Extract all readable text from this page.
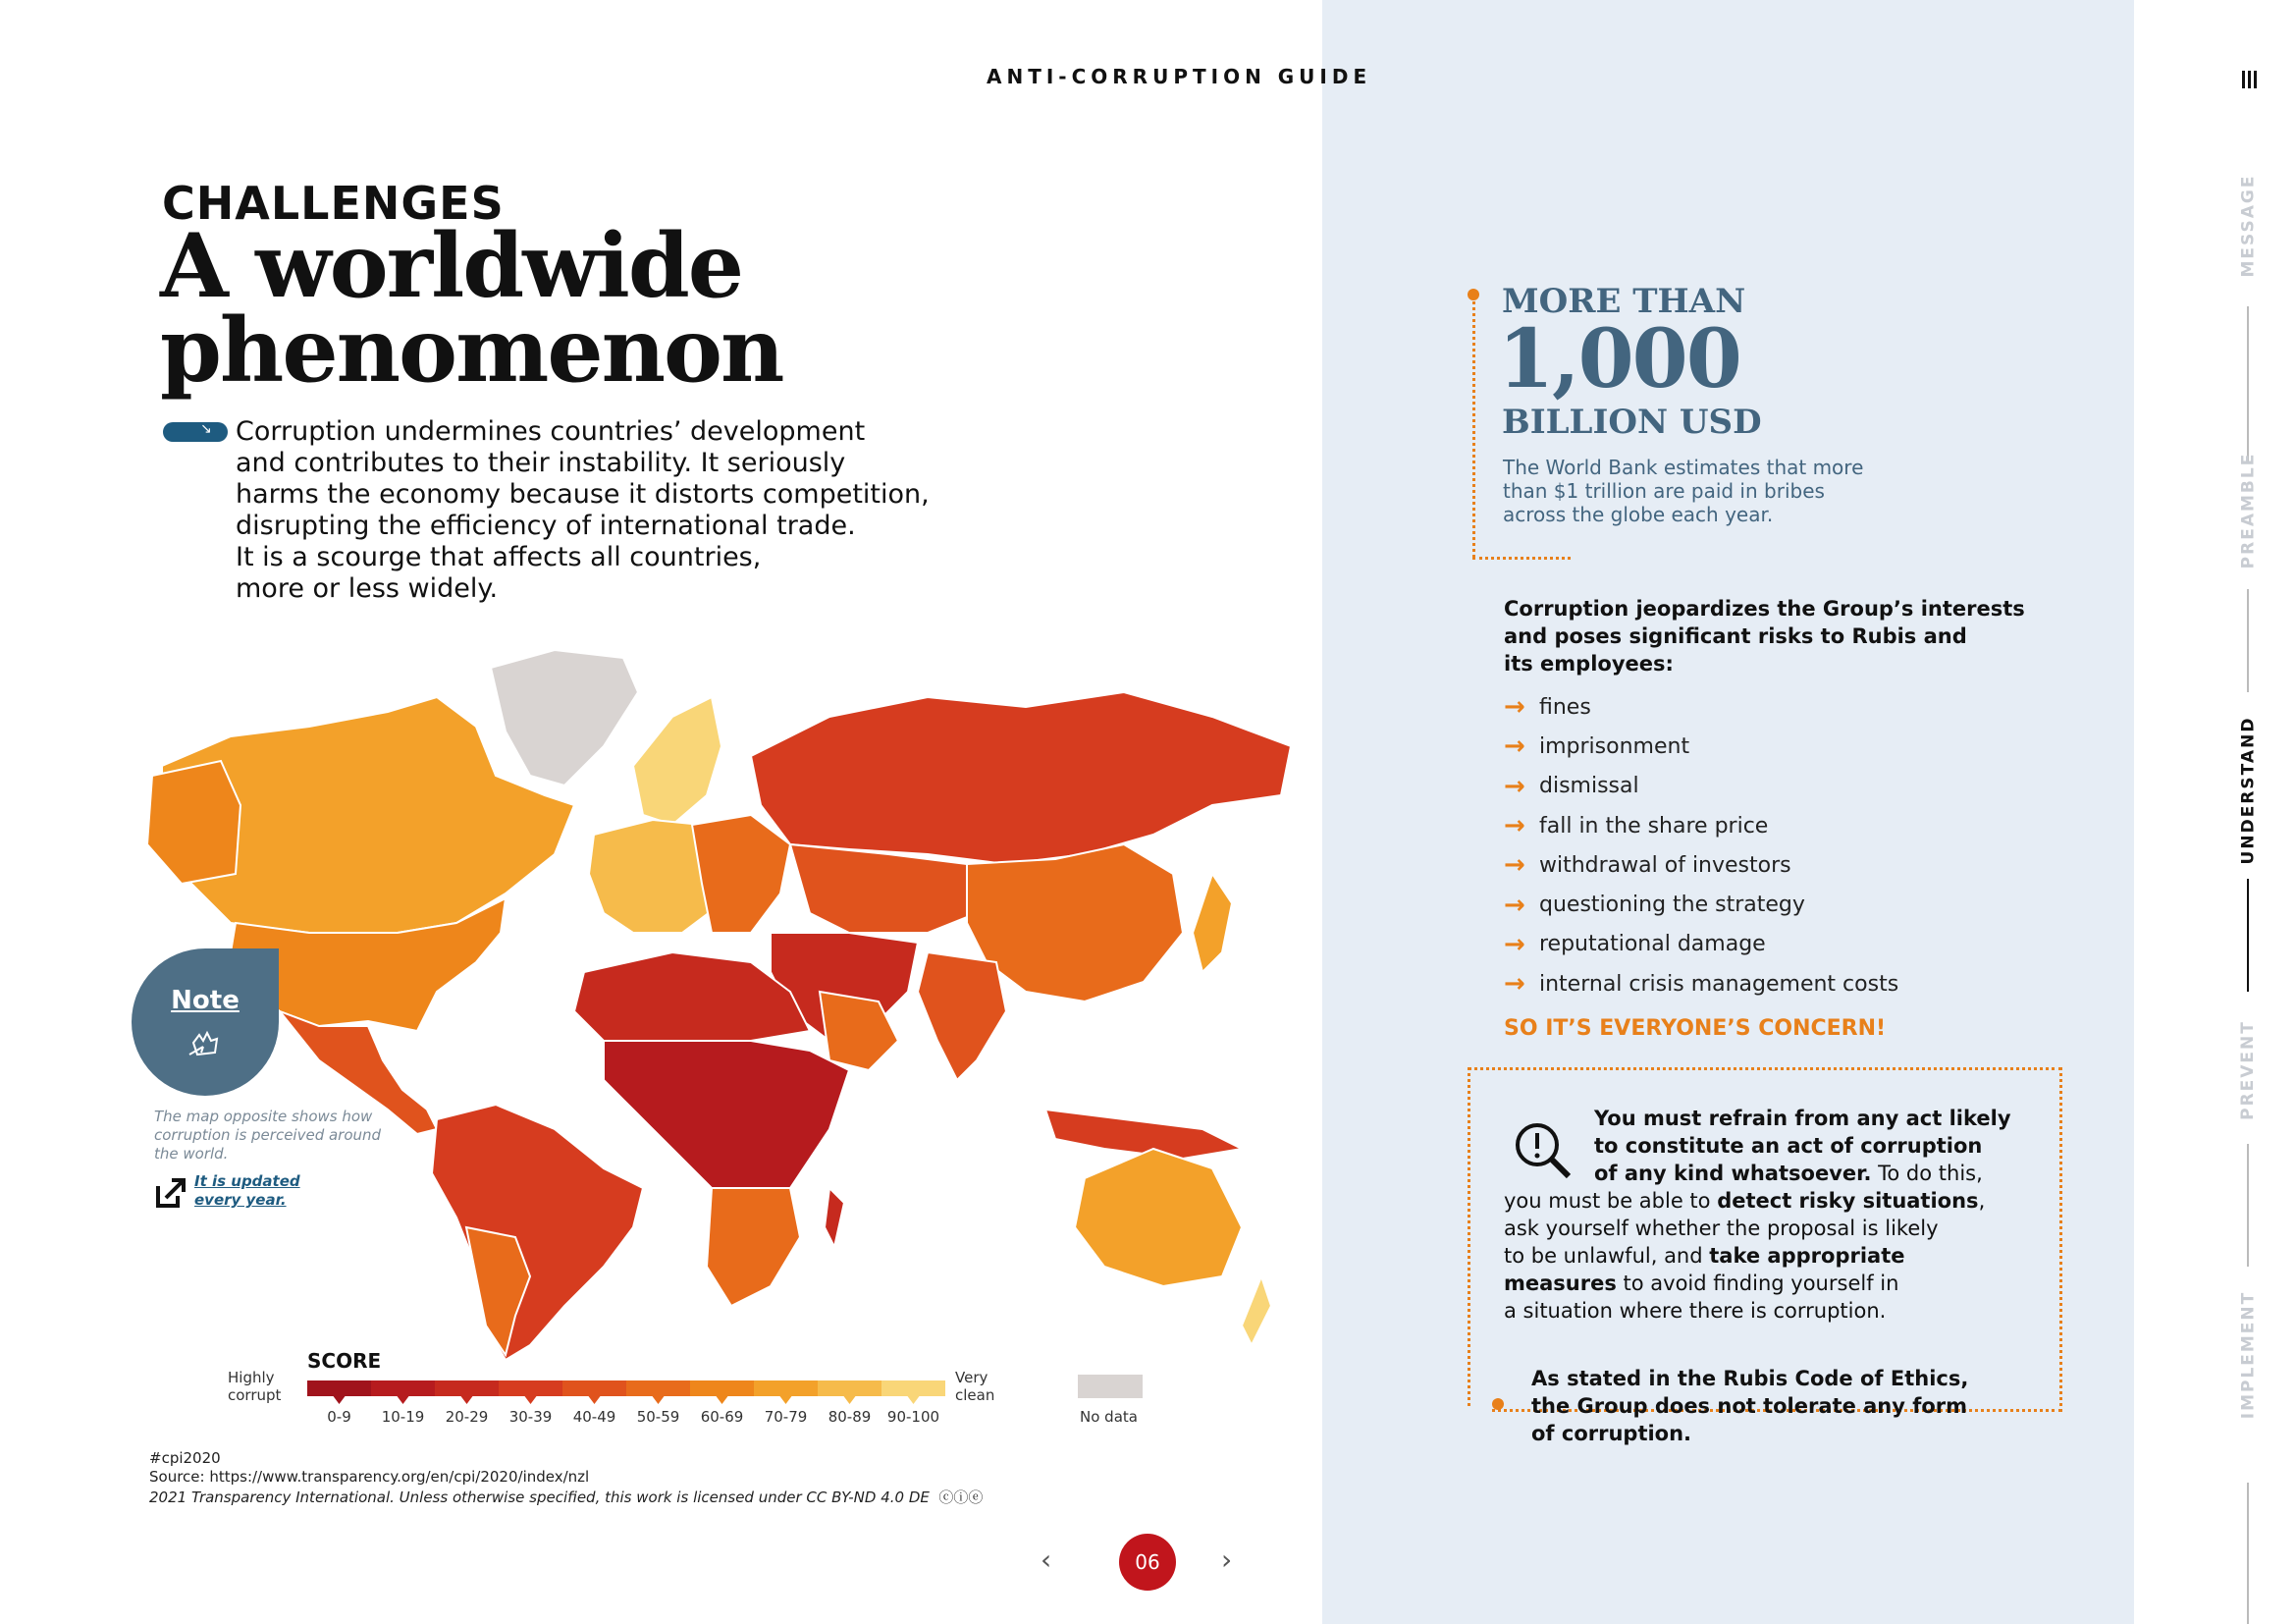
ANTI-CORRUPTION GUIDE
CHALLENGES
A worldwide
phenomenon
↘ Corruption undermines countries’ development
and contributes to their instability. It seriously
harms the economy because it distorts competition,
disrupting the efficiency of international trade.
It is a scourge that affects all countries,
more or less widely.
Note
The map opposite shows how corruption is perceived around the world.
It is updated
every year.
SCORE
Highly
corrupt
Very
clean
0-9	10-19	20-29	30-39	40-49	50-59	60-69	70-79	80-89	90-100	No data
#cpi2020
Source: https://www.transparency.org/en/cpi/2020/index/nzl
2021 Transparency International. Unless otherwise specified, this work is licensed under CC BY-ND 4.0 DE  ⓒⓘⓔ
‹	06	›
MORE THAN
1,000
BILLION USD
The World Bank estimates that more
than $1 trillion are paid in bribes
across the globe each year.
Corruption jeopardizes the Group’s interests
and poses significant risks to Rubis and
its employees:
→ fines
→ imprisonment
→ dismissal
→ fall in the share price
→ withdrawal of investors
→ questioning the strategy
→ reputational damage
→ internal crisis management costs
SO IT’S EVERYONE’S CONCERN!
You must refrain from any act likely
to constitute an act of corruption
of any kind whatsoever. To do this,
you must be able to detect risky situations,
ask yourself whether the proposal is likely
to be unlawful, and take appropriate
measures to avoid finding yourself in
a situation where there is corruption.
As stated in the Rubis Code of Ethics,
the Group does not tolerate any form
of corruption.
MESSAGE
PREAMBLE
UNDERSTAND
PREVENT
IMPLEMENT
